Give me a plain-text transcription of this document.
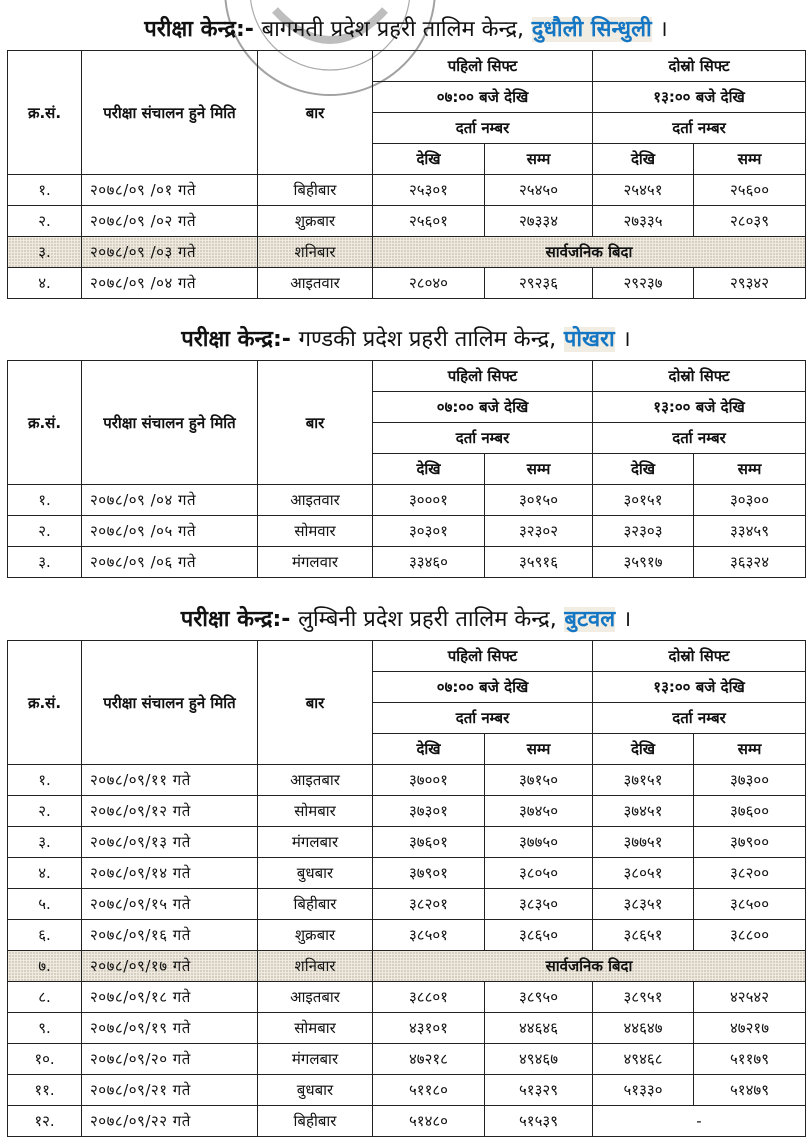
परीक्षा केन्द्र:- बागमती प्रदेश प्रहरी तालिम केन्द्र, दुधौली सिन्धुली ।
क्र.सं.	परीक्षा संचालन हुने मिति	बार	पहिलो सिफ्ट		दोस्रो सिफ्ट	
			०७:०० बजे देखि		१३:०० बजे देखि	
			दर्ता नम्बर		दर्ता नम्बर	
			देखि	सम्म	देखि	सम्म
१.	२०७८/०९ /०१ गते	बिहीबार	२५३०१	२५४५०	२५४५१	२५६००
२.	२०७८/०९ /०२ गते	शुक्रबार	२५६०१	२७३३४	२७३३५	२८०३९
३.	२०७८/०९ /०३ गते	शनिबार	सार्वजनिक बिदा			
४.	२०७८/०९ /०४ गते	आइतवार	२८०४०	२९२३६	२९२३७	२९३४२
परीक्षा केन्द्र:- गण्डकी प्रदेश प्रहरी तालिम केन्द्र, पोखरा ।
क्र.सं.	परीक्षा संचालन हुने मिति	बार	पहिलो सिफ्ट		दोस्रो सिफ्ट	
			०७:०० बजे देखि		१३:०० बजे देखि	
			दर्ता नम्बर		दर्ता नम्बर	
			देखि	सम्म	देखि	सम्म
१.	२०७८/०९ /०४ गते	आइतवार	३०००१	३०१५०	३०१५१	३०३००
२.	२०७८/०९ /०५ गते	सोमवार	३०३०१	३२३०२	३२३०३	३३४५९
३.	२०७८/०९ /०६ गते	मंगलवार	३३४६०	३५९१६	३५९१७	३६३२४
परीक्षा केन्द्र:- लुम्बिनी प्रदेश प्रहरी तालिम केन्द्र, बुटवल ।
क्र.सं.	परीक्षा संचालन हुने मिति	बार	पहिलो सिफ्ट		दोस्रो सिफ्ट	
			०७:०० बजे देखि		१३:०० बजे देखि	
			दर्ता नम्बर		दर्ता नम्बर	
			देखि	सम्म	देखि	सम्म
१.	२०७८/०९/११ गते	आइतबार	३७००१	३७१५०	३७१५१	३७३००
२.	२०७८/०९/१२ गते	सोमबार	३७३०१	३७४५०	३७४५१	३७६००
३.	२०७८/०९/१३ गते	मंगलबार	३७६०१	३७७५०	३७७५१	३७९००
४.	२०७८/०९/१४ गते	बुधबार	३७९०१	३८०५०	३८०५१	३८२००
५.	२०७८/०९/१५ गते	बिहीबार	३८२०१	३८३५०	३८३५१	३८५००
६.	२०७८/०९/१६ गते	शुक्रबार	३८५०१	३८६५०	३८६५१	३८८००
७.	२०७८/०९/१७ गते	शनिबार	सार्वजनिक बिदा			
८.	२०७८/०९/१८ गते	आइतबार	३८८०१	३८९५०	३८९५१	४२५४२
९.	२०७८/०९/१९ गते	सोमबार	४३१०१	४४६४६	४४६४७	४७२१७
१०.	२०७८/०९/२० गते	मंगलबार	४७२१८	४९४६७	४९४६८	५११७९
११.	२०७८/०९/२१ गते	बुधबार	५११८०	५१३२९	५१३३०	५१४७९
१२.	२०७८/०९/२२ गते	बिहीबार	५१४८०	५१५३९	-	
